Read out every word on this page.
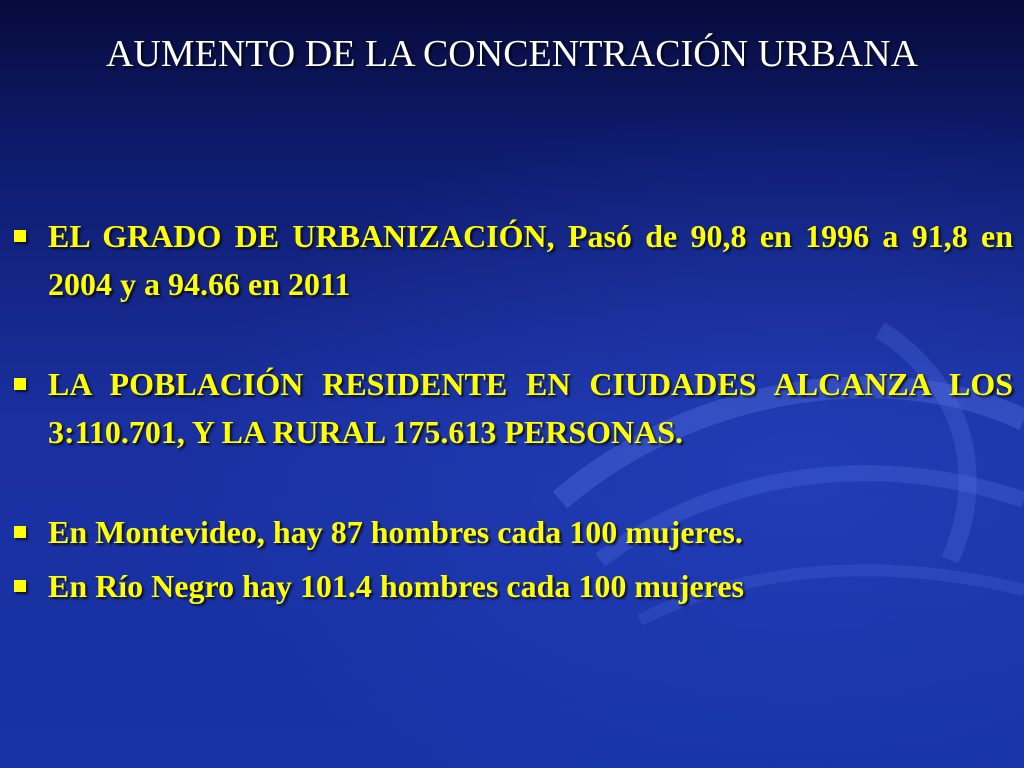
AUMENTO DE LA CONCENTRACIÓN URBANA
EL GRADO DE URBANIZACIÓN, Pasó de 90,8 en 1996 a 91,8 en 2004 y a 94.66 en 2011
LA POBLACIÓN RESIDENTE EN CIUDADES ALCANZA LOS 3:110.701, Y LA RURAL 175.613 PERSONAS.
En Montevideo, hay 87 hombres cada 100 mujeres.
En Río Negro hay 101.4 hombres cada 100 mujeres
